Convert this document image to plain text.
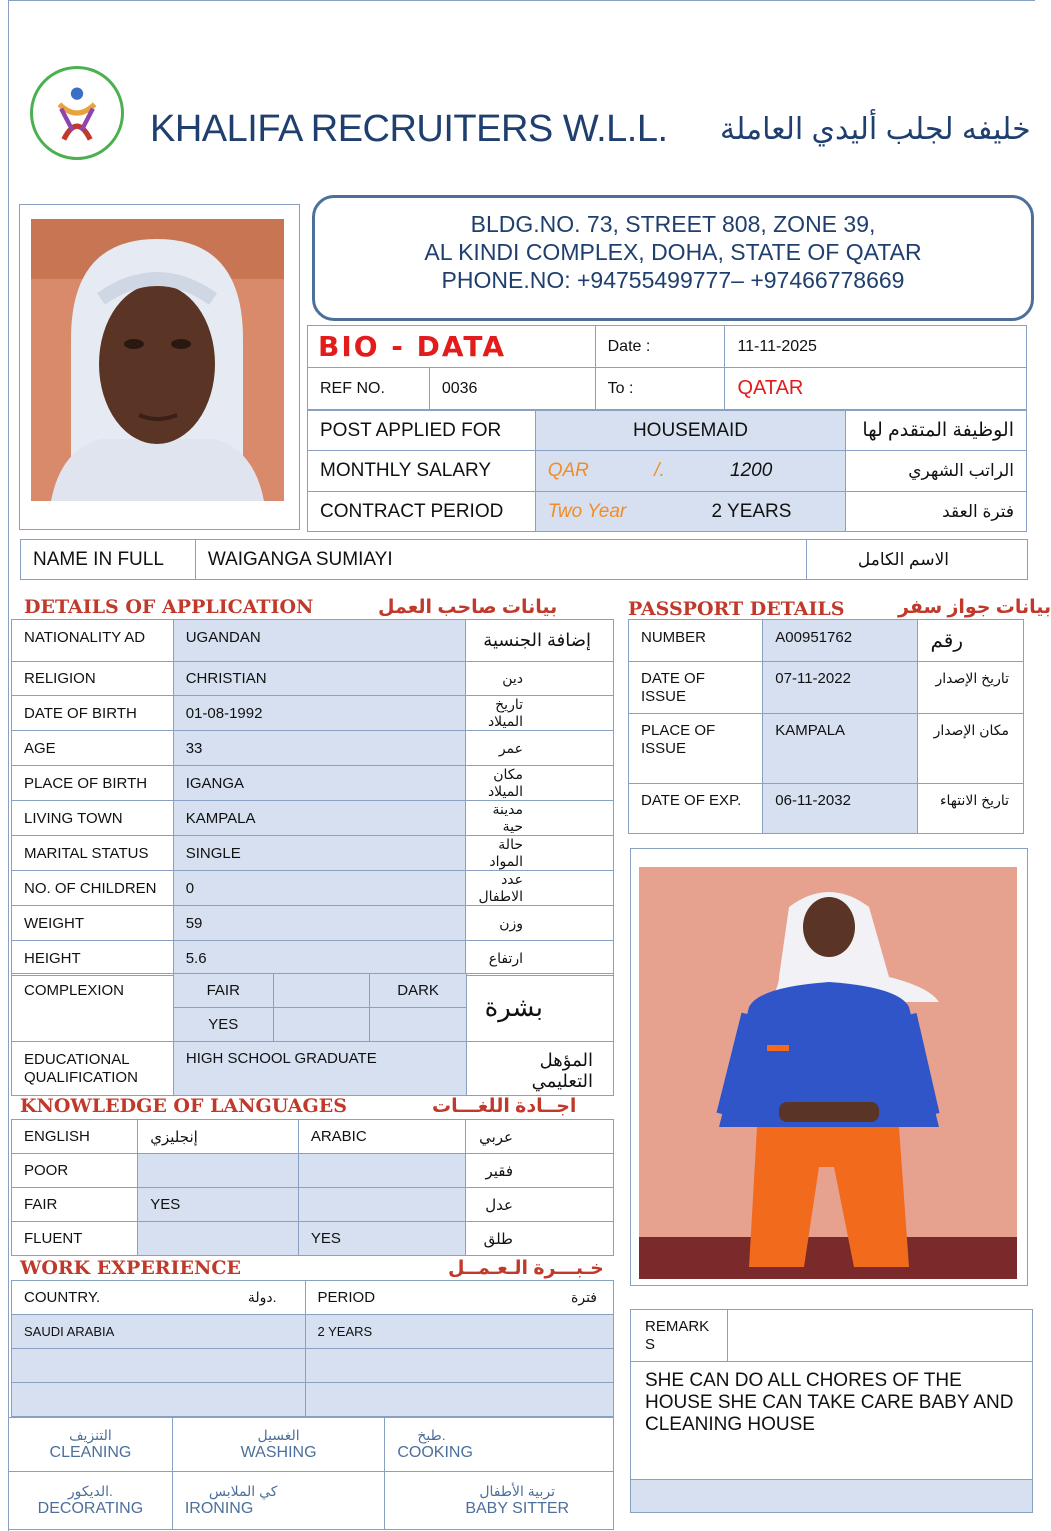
KHALIFA RECRUITERS W.L.L. خليفه لجلب أليدي العاملة
BLDG.NO. 73, STREET 808, ZONE 39,
AL KINDI COMPLEX, DOHA, STATE OF QATAR
PHONE.NO: +94755499777– +97466778669
BIO - DATA		Date :	11-11-2025
REF NO.	0036	To :	QATAR
POST APPLIED FOR	HOUSEMAID	الوظيفة المتقدم لها
MONTHLY SALARY	QAR /. 1200	الراتب الشهري
CONTRACT PERIOD	Two Year 2 YEARS	فترة العقد
NAME IN FULL	WAIGANGA SUMIAYI	الاسم الكامل
DETAILS OF APPLICATION	بيانات صاحب العمل
NATIONALITY AD	UGANDAN	إضافة الجنسية
RELIGION	CHRISTIAN	دين
DATE OF BIRTH	01-08-1992	تاريخ الميلاد
AGE	33	عمر
PLACE OF BIRTH	IGANGA	مكان الميلاد
LIVING TOWN	KAMPALA	مدينة حية
MARITAL STATUS	SINGLE	حالة المواد
NO. OF CHILDREN	0	عدد الاطفال
WEIGHT	59	وزن
HEIGHT	5.6	ارتفاع
COMPLEXION	FAIR		DARK	بشرة
	YES			
EDUCATIONAL QUALIFICATION	HIGH SCHOOL GRADUATE			المؤهل التعليمي
PASSPORT DETAILS	بيانات جواز سفر
NUMBER	A00951762	رقم
DATE OF ISSUE	07-11-2022	تاريخ الإصدار
PLACE OF ISSUE	KAMPALA	مكان الإصدار
DATE OF EXP.	06-11-2032	تاريخ الانتهاء
KNOWLEDGE OF LANGUAGES	اجــادة اللغـــات
ENGLISH	إنجليزي	ARABIC	عربي
POOR			فقير
FAIR	YES		عدل
FLUENT		YES	طلق
WORK EXPERIENCE	خـبـــرة الـعـمــل
COUNTRY. دولة.	PERIOD فترة

SAUDI ARABIA	2 YEARS

التنزيف
CLEANING	الغسيل
WASHING	طبخ.
COOKING

الديكور.
DECORATING	كي الملابس
IRONING	تربية الأطفال
BABY SITTER
REMARK S	
SHE CAN DO ALL CHORES OF THE HOUSE SHE CAN TAKE CARE BABY AND CLEANING HOUSE
